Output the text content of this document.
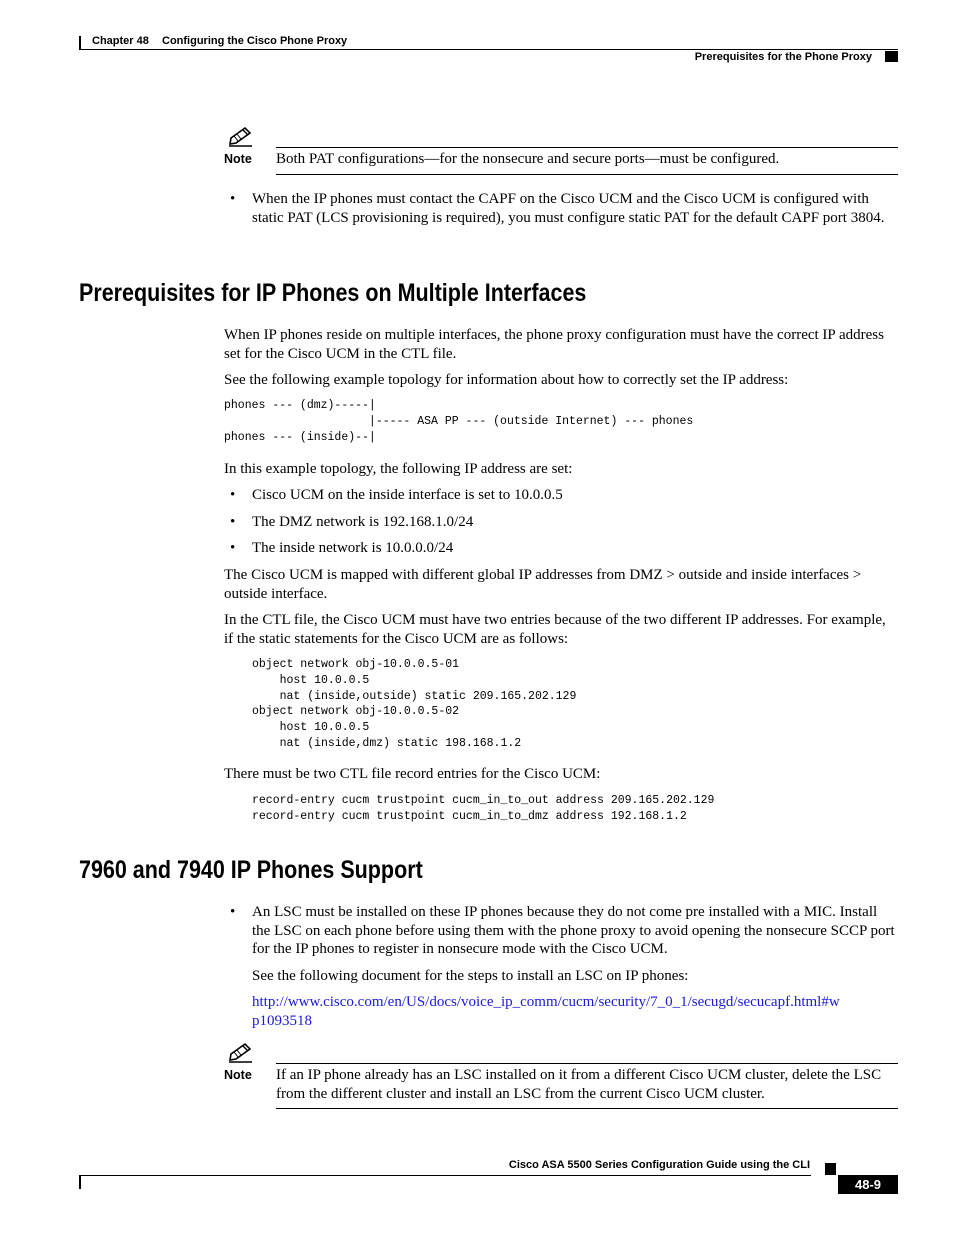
Chapter 48 Configuring the Cisco Phone Proxy
Prerequisites for the Phone Proxy
Note Both PAT configurations—for the nonsecure and secure ports—must be configured.
• When the IP phones must contact the CAPF on the Cisco UCM and the Cisco UCM is configured with static PAT (LCS provisioning is required), you must configure static PAT for the default CAPF port 3804.
Prerequisites for IP Phones on Multiple Interfaces
When IP phones reside on multiple interfaces, the phone proxy configuration must have the correct IP address set for the Cisco UCM in the CTL file.
See the following example topology for information about how to correctly set the IP address:
phones --- (dmz)-----|
|----- ASA PP --- (outside Internet) --- phones
phones --- (inside)--|
In this example topology, the following IP address are set:
• Cisco UCM on the inside interface is set to 10.0.0.5
• The DMZ network is 192.168.1.0/24
• The inside network is 10.0.0.0/24
The Cisco UCM is mapped with different global IP addresses from DMZ > outside and inside interfaces > outside interface.
In the CTL file, the Cisco UCM must have two entries because of the two different IP addresses. For example, if the static statements for the Cisco UCM are as follows:
object network obj-10.0.0.5-01
host 10.0.0.5
nat (inside,outside) static 209.165.202.129
object network obj-10.0.0.5-02
host 10.0.0.5
nat (inside,dmz) static 198.168.1.2
There must be two CTL file record entries for the Cisco UCM:
record-entry cucm trustpoint cucm_in_to_out address 209.165.202.129
record-entry cucm trustpoint cucm_in_to_dmz address 192.168.1.2
7960 and 7940 IP Phones Support
• An LSC must be installed on these IP phones because they do not come pre installed with a MIC. Install the LSC on each phone before using them with the phone proxy to avoid opening the nonsecure SCCP port for the IP phones to register in nonsecure mode with the Cisco UCM.
See the following document for the steps to install an LSC on IP phones:
http://www.cisco.com/en/US/docs/voice_ip_comm/cucm/security/7_0_1/secugd/secucapf.html#w
p1093518
Note If an IP phone already has an LSC installed on it from a different Cisco UCM cluster, delete the LSC from the different cluster and install an LSC from the current Cisco UCM cluster.
Cisco ASA 5500 Series Configuration Guide using the CLI
48-9
